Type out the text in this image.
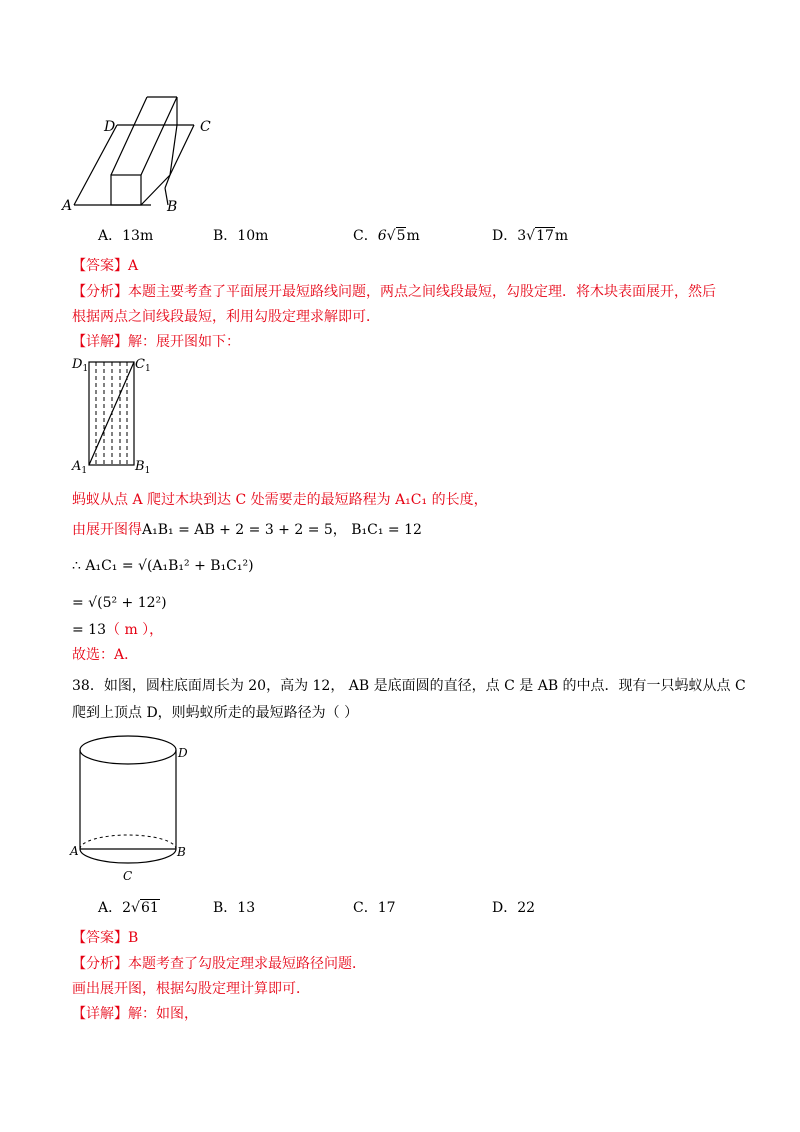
D	C
A	B
A．13m	B．10m	C．6√5m	D．3√17m
【答案】A
【分析】本题主要考查了平面展开最短路线问题，两点之间线段最短，勾股定理．将木块表面展开，然后
根据两点之间线段最短，利用勾股定理求解即可．
【详解】解：展开图如下：
$D_1$	$C_1$
$A_1$	$B_1$
蚂蚁从点 A 爬过木块到达 C 处需要走的最短路程为 A₁C₁ 的长度，
由展开图得A₁B₁ = AB + 2 = 3 + 2 = 5， B₁C₁ = 12
∴ A₁C₁ = √(A₁B₁² + B₁C₁²)
= √(5² + 12²)
= 13（ m ），
故选：A．
38．如图，圆柱底面周长为 20，高为 12， AB 是底面圆的直径，点 C 是 AB 的中点．现有一只蚂蚁从点 C
爬到上顶点 D，则蚂蚁所走的最短路径为（ ）
D
A	B
C
A．2√61	B．13	C．17	D．22
【答案】B
【分析】本题考查了勾股定理求最短路径问题．
画出展开图，根据勾股定理计算即可．
【详解】解：如图，
